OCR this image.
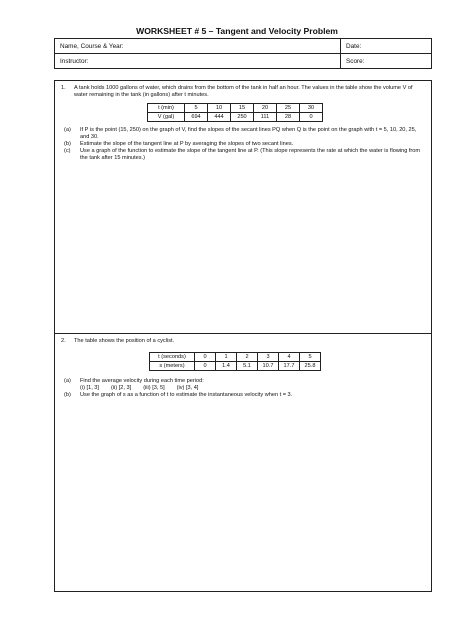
WORKSHEET # 5 – Tangent and Velocity Problem
Name, Course & Year:	Date:
Instructor:	Score:
1. A tank holds 1000 gallons of water, which drains from the bottom of the tank in half an hour. The values in the table show the volume V of water remaining in the tank (in gallons) after t minutes.
t (min)	5	10	15	20	25	30
V (gal)	694	444	250	111	28	0
(a)	If P is the point (15, 250) on the graph of V, find the slopes of the secant lines PQ when Q is the point on the graph with t = 5, 10, 20, 25, and 30.
(b)	Estimate the slope of the tangent line at P by averaging the slopes of two secant lines.
(c)	Use a graph of the function to estimate the slope of the tangent line at P. (This slope represents the rate at which the water is flowing from the tank after 15 minutes.)
2. The table shows the position of a cyclist.
t (seconds)	0	1	2	3	4	5
s (meters)	0	1.4	5.1	10.7	17.7	25.8
(a)	Find the average velocity during each time period:
(i) [1, 3] (ii) [2, 3] (iii) [3, 5] (iv) [3, 4]
(b)	Use the graph of s as a function of t to estimate the instantaneous velocity when t = 3.
